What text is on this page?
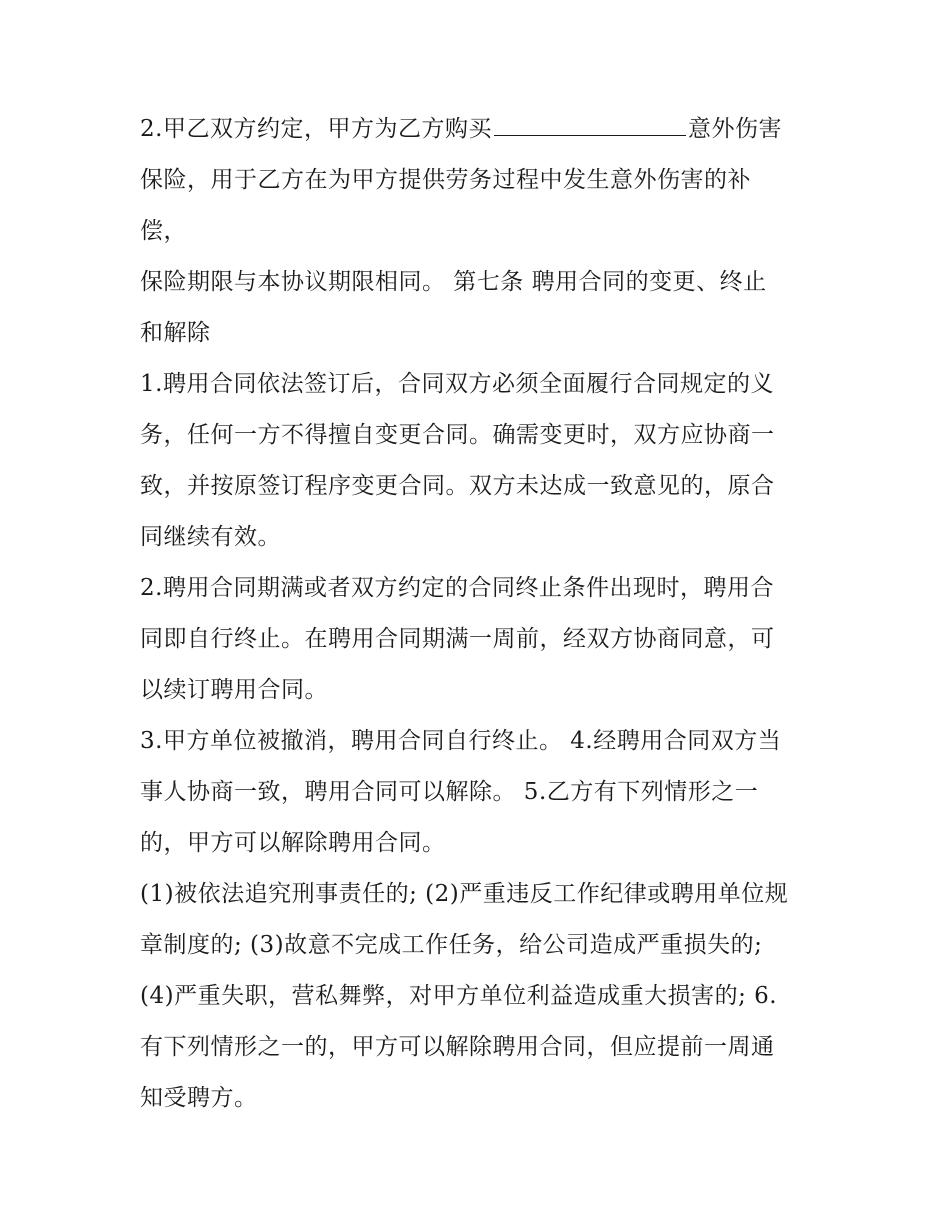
2.甲乙双方约定，甲方为乙方购买	意外伤害
保险，用于乙方在为甲方提供劳务过程中发生意外伤害的补
偿，
保险期限与本协议期限相同。 第七条 聘用合同的变更、终止
和解除
1.聘用合同依法签订后，合同双方必须全面履行合同规定的义
务，任何一方不得擅自变更合同。确需变更时，双方应协商一
致，并按原签订程序变更合同。双方未达成一致意见的，原合
同继续有效。
2.聘用合同期满或者双方约定的合同终止条件出现时，聘用合
同即自行终止。在聘用合同期满一周前，经双方协商同意，可
以续订聘用合同。
3.甲方单位被撤消，聘用合同自行终止。 4.经聘用合同双方当
事人协商一致，聘用合同可以解除。 5.乙方有下列情形之一
的，甲方可以解除聘用合同。
(1)被依法追究刑事责任的; (2)严重违反工作纪律或聘用单位规
章制度的; (3)故意不完成工作任务，给公司造成严重损失的;
(4)严重失职，营私舞弊，对甲方单位利益造成重大损害的; 6.
有下列情形之一的，甲方可以解除聘用合同，但应提前一周通
知受聘方。
